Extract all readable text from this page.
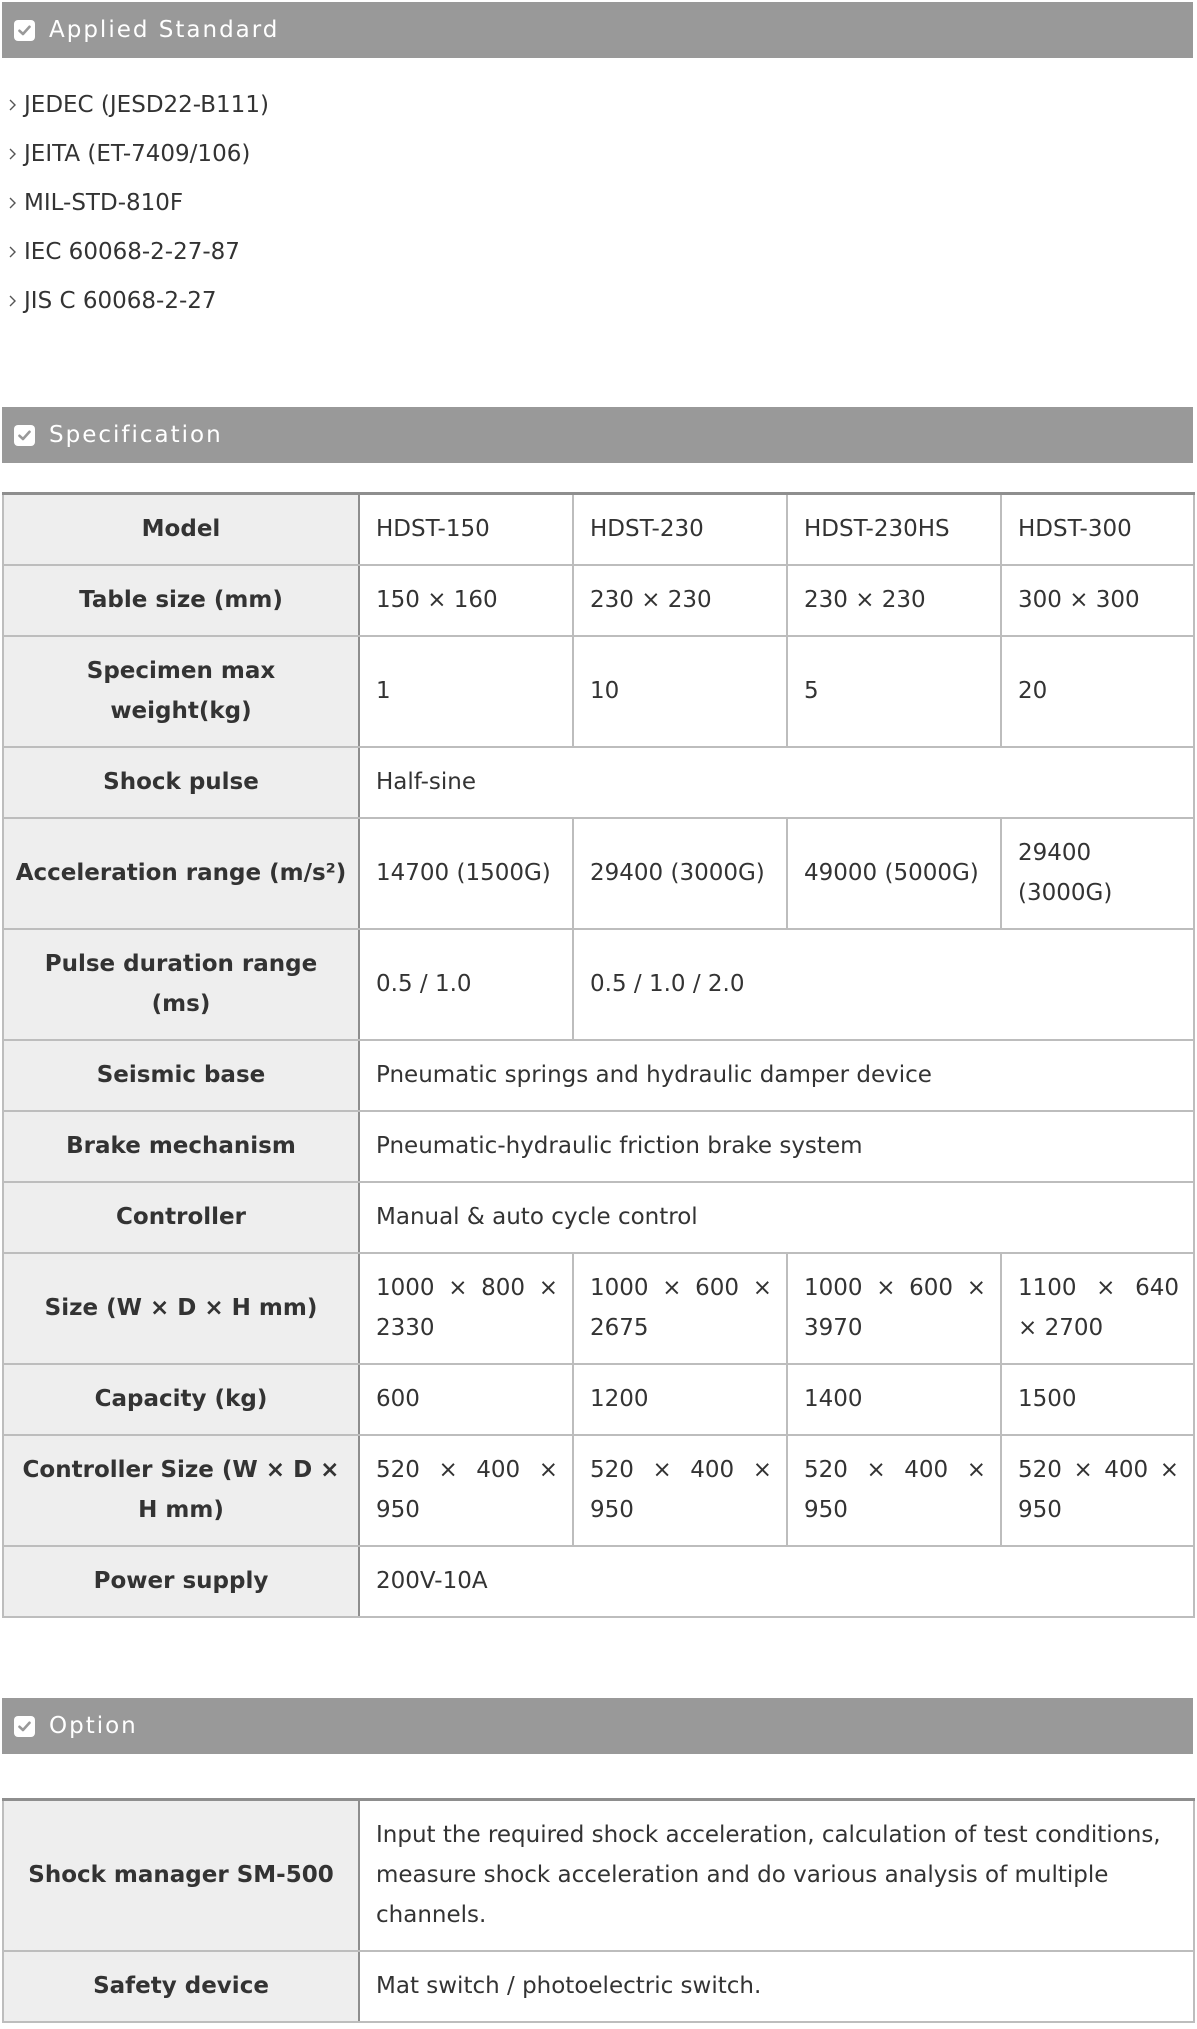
Applied Standard
JEDEC (JESD22-B111)
JEITA (ET-7409/106)
MIL-STD-810F
IEC 60068-2-27-87
JIS C 60068-2-27
Specification
Model	HDST-150	HDST-230	HDST-230HS	HDST-300
Table size (mm)	150 × 160	230 × 230	230 × 230	300 × 300
Specimen max weight(kg)	1	10	5	20
Shock pulse	Half-sine			
Acceleration range (m/s²)	14700 (1500G)	29400 (3000G)	49000 (5000G)	29400 (3000G)
Pulse duration range (ms)	0.5 / 1.0	0.5 / 1.0 / 2.0		
Seismic base	Pneumatic springs and hydraulic damper device			
Brake mechanism	Pneumatic-hydraulic friction brake system			
Controller	Manual & auto cycle control			
Size (W × D × H mm)	1000 × 800 × 2330	1000 × 600 × 2675	1000 × 600 × 3970	1100 × 640 × 2700
Capacity (kg)	600	1200	1400	1500
Controller Size (W × D × H mm)	520 × 400 × 950	520 × 400 × 950	520 × 400 × 950	520 × 400 × 950
Power supply	200V-10A			
Option
Shock manager SM-500	Input the required shock acceleration, calculation of test conditions, measure shock acceleration and do various analysis of multiple channels.
Safety device	Mat switch / photoelectric switch.
